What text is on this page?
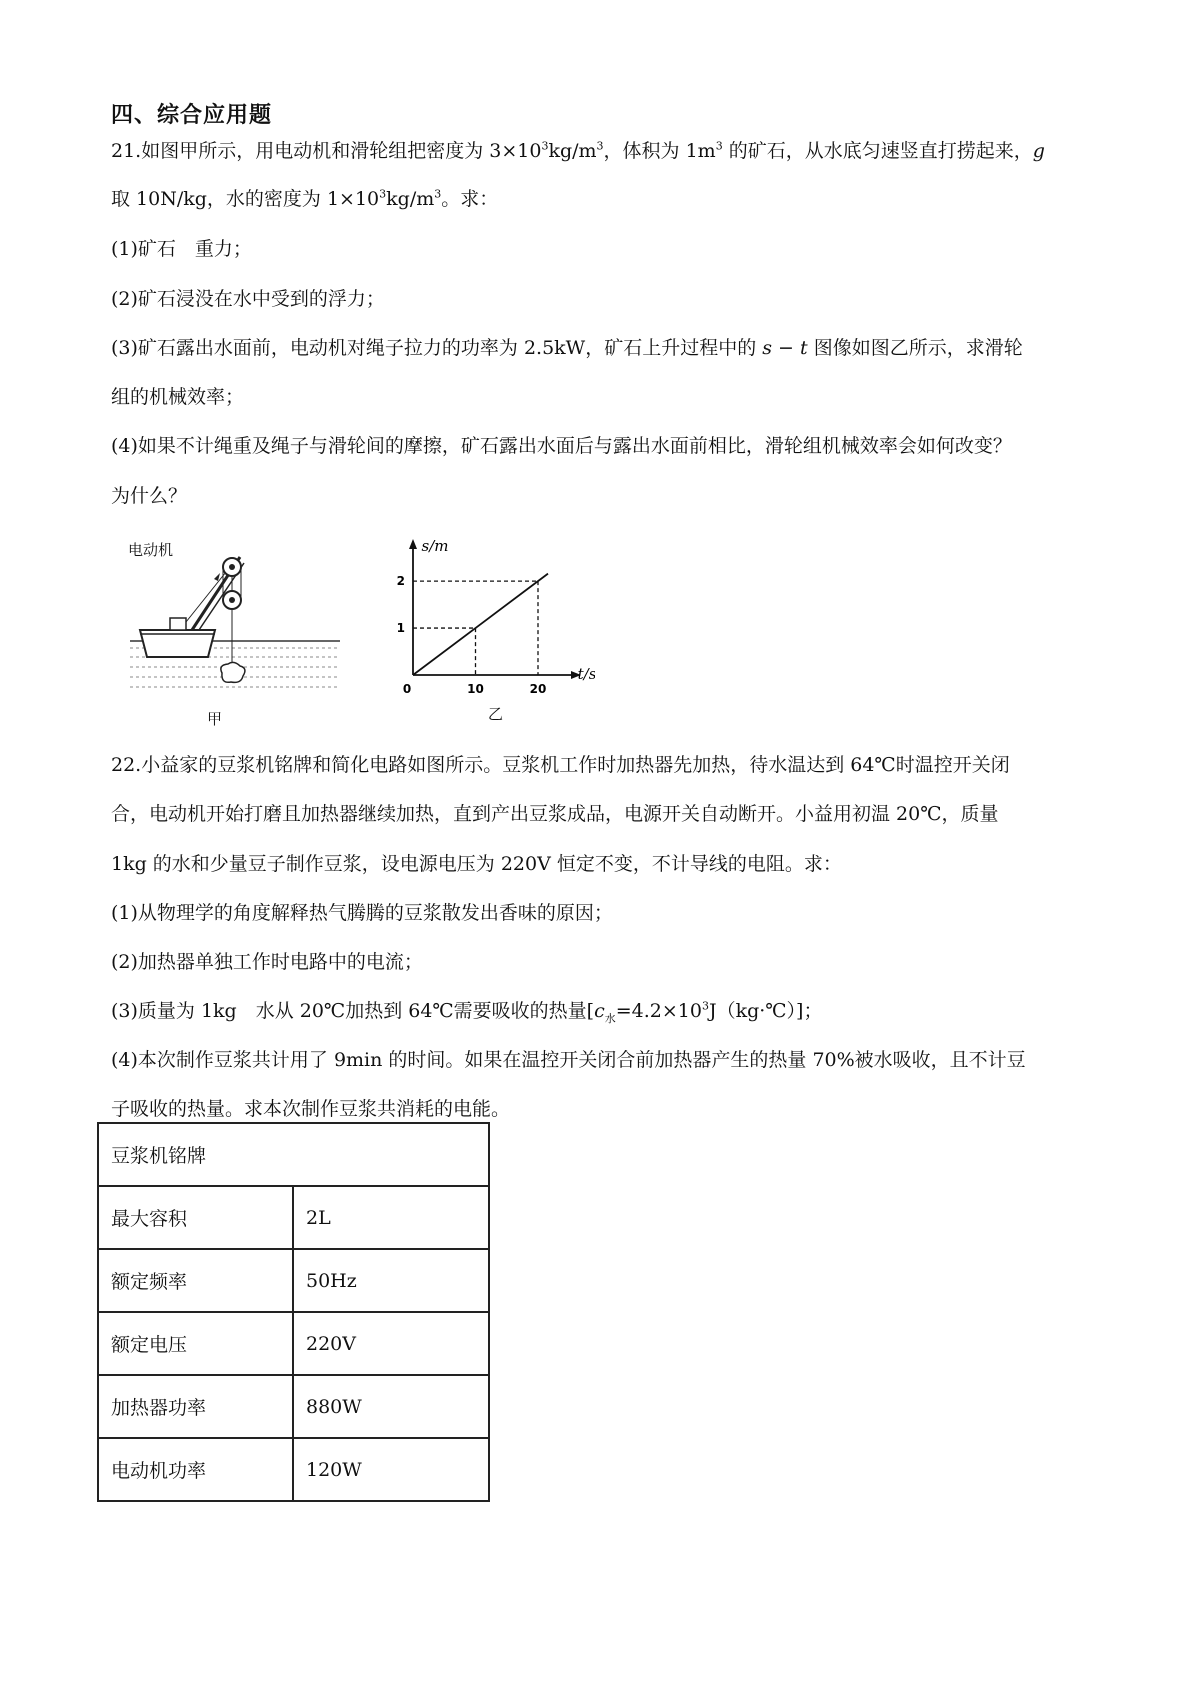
四、综合应用题
21.如图甲所示，用电动机和滑轮组把密度为 $3\times 10^3kg/m^3$，体积为 $1m^3$ 的矿石，从水底匀速竖直打捞起来，g
取 10N/kg，水的密度为 $1\times 10^3kg/m^3$。求：
(1)矿石　重力；
(2)矿石浸没在水中受到的浮力；
(3)矿石露出水面前，电动机对绳子拉力的功率为 2.5kW，矿石上升过程中的 s − t 图像如图乙所示，求滑轮
组的机械效率；
(4)如果不计绳重及绳子与滑轮间的摩擦，矿石露出水面后与露出水面前相比，滑轮组机械效率会如何改变？
为什么？
电动机
甲
0	10	20
1
2
t/s
s/m
乙
22.小益家的豆浆机铭牌和简化电路如图所示。豆浆机工作时加热器先加热，待水温达到 64℃时温控开关闭
合，电动机开始打磨且加热器继续加热，直到产出豆浆成品，电源开关自动断开。小益用初温 20℃，质量
1kg 的水和少量豆子制作豆浆，设电源电压为 220V 恒定不变，不计导线的电阻。求：
(1)从物理学的角度解释热气腾腾的豆浆散发出香味的原因；
(2)加热器单独工作时电路中的电流；
(3)质量为 1kg　水从 20℃加热到 64℃需要吸收的热量$[c_水=4.2\times 10^3J(kg\cdot℃)]$；
(4)本次制作豆浆共计用了 9min 的时间。如果在温控开关闭合前加热器产生的热量 70%被水吸收，且不计豆
子吸收的热量。求本次制作豆浆共消耗的电能。
豆浆机铭牌	
最大容积	2L
额定频率	50Hz
额定电压	220V
加热器功率	880W
电动机功率	120W
